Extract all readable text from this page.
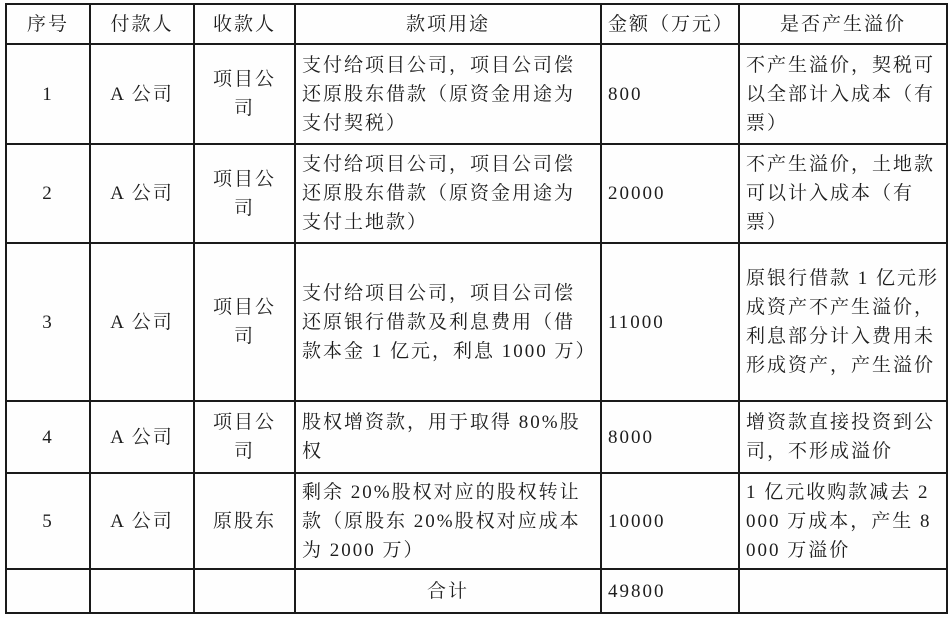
序号	付款人	收款人	款项用途	金额（万元）	是否产生溢价
1	A 公司	项目公司	支付给项目公司，项目公司偿还原股东借款（原资金用途为支付契税）	800	不产生溢价，契税可以全部计入成本（有票）
2	A 公司	项目公司	支付给项目公司，项目公司偿还原股东借款（原资金用途为支付土地款）	20000	不产生溢价，土地款可以计入成本（有票）
3	A 公司	项目公司	支付给项目公司，项目公司偿还原银行借款及利息费用（借款本金 1 亿元，利息 1000 万）	11000	原银行借款 1 亿元形成资产不产生溢价，利息部分计入费用未形成资产，产生溢价
4	A 公司	项目公司	股权增资款，用于取得 80%股权	8000	增资款直接投资到公司，不形成溢价
5	A 公司	原股东	剩余 20%股权对应的股权转让款（原股东 20%股权对应成本为 2000 万）	10000	1 亿元收购款减去 2000 万成本，产生 8000 万溢价
			合计	49800	
